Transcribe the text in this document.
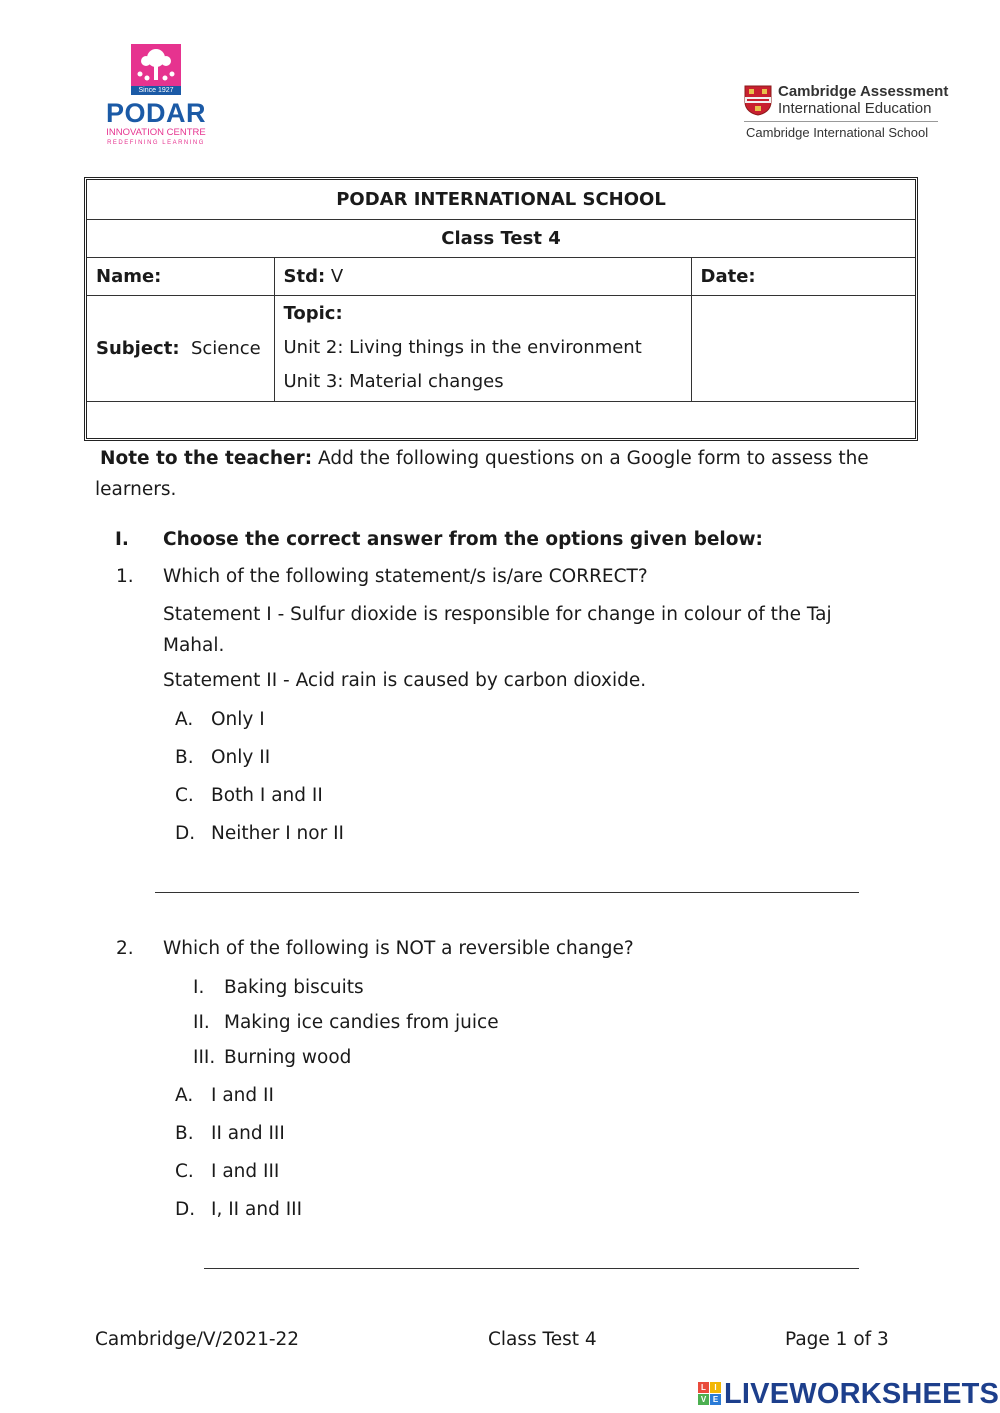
Since 1927
PODAR
INNOVATION CENTRE
REDEFINING LEARNING
Cambridge Assessment
International Education
Cambridge International School
PODAR INTERNATIONAL SCHOOL		
Class Test 4		
Name:	Std: V	Date:
Subject: Science	Topic:
Unit 2: Living things in the environment
Unit 3: Material changes	

Note to the teacher: Add the following questions on a Google form to assess the
learners.
I. Choose the correct answer from the options given below:
1. Which of the following statement/s is/are CORRECT?
Statement I - Sulfur dioxide is responsible for change in colour of the Taj
Mahal.
Statement II - Acid rain is caused by carbon dioxide.
A. Only I
B. Only II
C. Both I and II
D. Neither I nor II
2. Which of the following is NOT a reversible change?
I. Baking biscuits
II. Making ice candies from juice
III. Burning wood
A. I and II
B. II and III
C. I and III
D. I, II and III
Cambridge/V/2021-22	Class Test 4	Page 1 of 3
L	I
V E LIVEWORKSHEETS
